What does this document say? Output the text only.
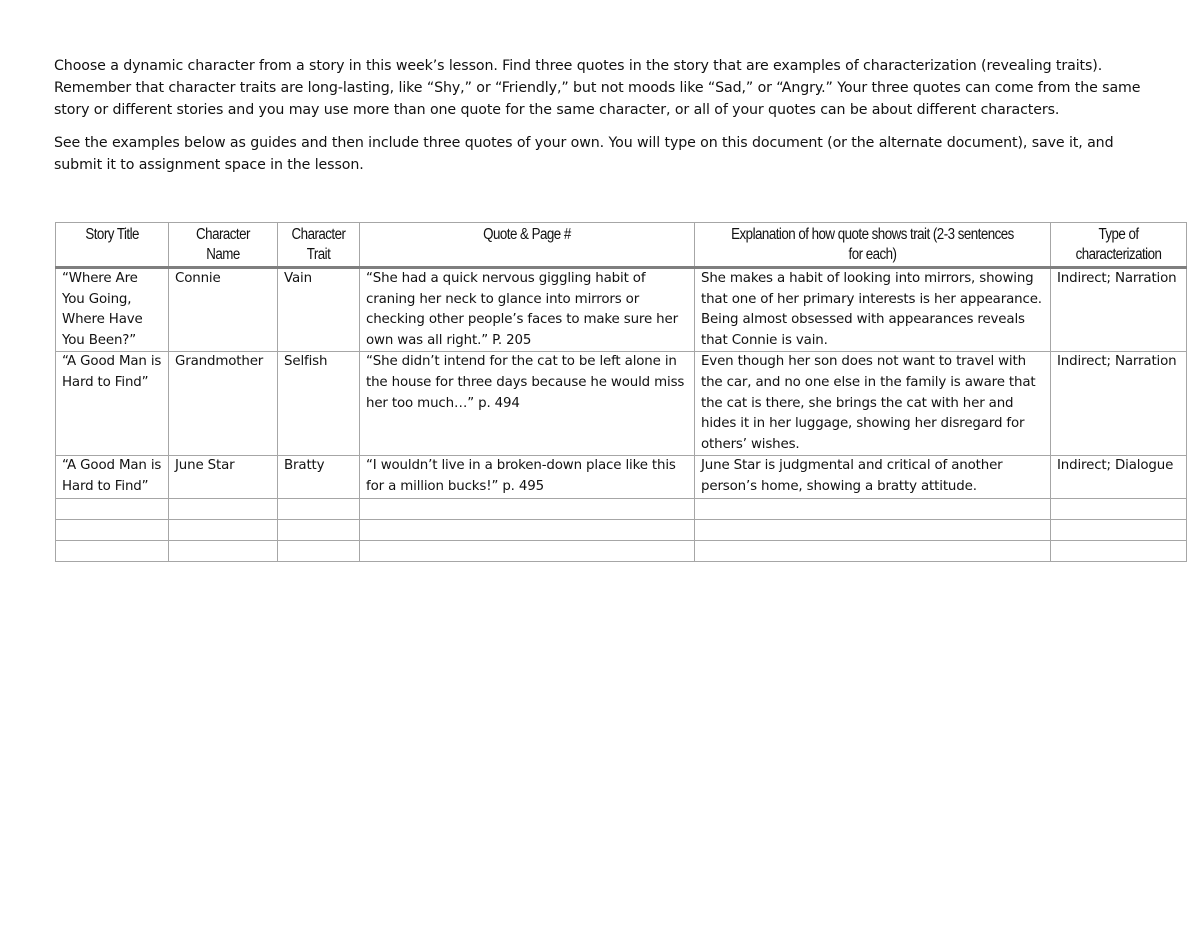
Choose a dynamic character from a story in this week’s lesson. Find three quotes in the story that are examples of characterization (revealing traits). Remember that character traits are long-lasting, like “Shy,” or “Friendly,” but not moods like “Sad,” or “Angry.” Your three quotes can come from the same story or different stories and you may use more than one quote for the same character, or all of your quotes can be about different characters.

See the examples below as guides and then include three quotes of your own. You will type on this document (or the alternate document), save it, and submit it to assignment space in the lesson.

Story Title	Character Name	Character Trait	Quote & Page #	Explanation of how quote shows trait (2-3 sentences for each)	Type of characterization
“Where Are You Going, Where Have You Been?”	Connie	Vain	“She had a quick nervous giggling habit of craning her neck to glance into mirrors or checking other people’s faces to make sure her own was all right.” P. 205	She makes a habit of looking into mirrors, showing that one of her primary interests is her appearance. Being almost obsessed with appearances reveals that Connie is vain.	Indirect; Narration
“A Good Man is Hard to Find”	Grandmother	Selfish	“She didn’t intend for the cat to be left alone in the house for three days because he would miss her too much…” p. 494	Even though her son does not want to travel with the car, and no one else in the family is aware that the cat is there, she brings the cat with her and hides it in her luggage, showing her disregard for others’ wishes.	Indirect; Narration
“A Good Man is Hard to Find”	June Star	Bratty	“I wouldn’t live in a broken-down place like this for a million bucks!” p. 495	June Star is judgmental and critical of another person’s home, showing a bratty attitude.	Indirect; Dialogue
